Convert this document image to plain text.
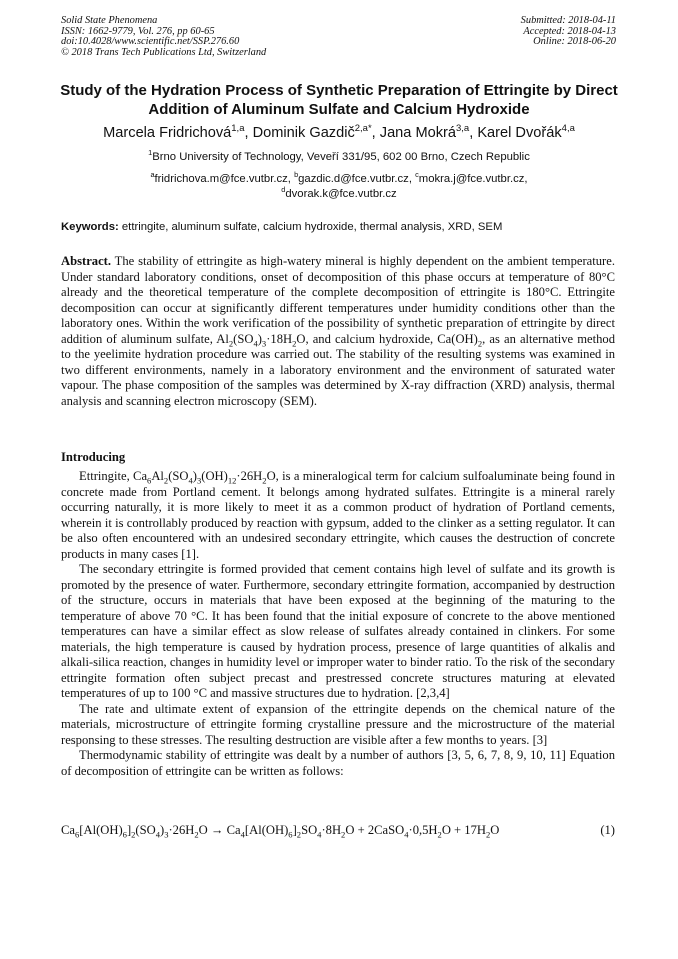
Solid State Phenomena
ISSN: 1662-9779, Vol. 276, pp 60-65
doi:10.4028/www.scientific.net/SSP.276.60
© 2018 Trans Tech Publications Ltd, Switzerland
Submitted: 2018-04-11
Accepted: 2018-04-13
Online: 2018-06-20
Study of the Hydration Process of Synthetic Preparation of Ettringite by Direct Addition of Aluminum Sulfate and Calcium Hydroxide
Marcela Fridrichová$^{1,a}$, Dominik Gazdič$^{2,a*}$, Jana Mokrá$^{3,a}$, Karel Dvořák$^{4,a}$
$^1$Brno University of Technology, Veveří 331/95, 602 00 Brno, Czech Republic
$^a$fridrichova.m@fce.vutbr.cz, $^b$gazdic.d@fce.vutbr.cz, $^c$mokra.j@fce.vutbr.cz,
$^d$dvorak.k@fce.vutbr.cz
Keywords: ettringite, aluminum sulfate, calcium hydroxide, thermal analysis, XRD, SEM
Abstract. The stability of ettringite as high-watery mineral is highly dependent on the ambient temperature. Under standard laboratory conditions, onset of decomposition of this phase occurs at temperature of 80°C already and the theoretical temperature of the complete decomposition of ettringite is 180°C. Ettringite decomposition can occur at significantly different temperatures under humidity conditions other than the laboratory ones. Within the work verification of the possibility of synthetic preparation of ettringite by direct addition of aluminum sulfate, $Al_2(SO_4)_3\cdot 18H_2O$, and calcium hydroxide, $Ca(OH)_2$, as an alternative method to the yeelimite hydration procedure was carried out. The stability of the resulting systems was examined in two different environments, namely in a laboratory environment and the environment of saturated water vapour. The phase composition of the samples was determined by X-ray diffraction (XRD) analysis, thermal analysis and scanning electron microscopy (SEM).
Introducing

Ettringite, $Ca_6Al_2(SO_4)_3(OH)_{12}\cdot 26H_2O$, is a mineralogical term for calcium sulfoaluminate being found in concrete made from Portland cement. It belongs among hydrated sulfates. Ettringite is a mineral rarely occurring naturally, it is more likely to meet it as a common product of hydration of Portland cements, wherein it is controllably produced by reaction with gypsum, added to the clinker as a setting regulator. It can be also often encountered with an undesired secondary ettringite, which causes the destruction of concrete products in many cases [1].

The secondary ettringite is formed provided that cement contains high level of sulfate and its growth is promoted by the presence of water. Furthermore, secondary ettringite formation, accompanied by destruction of the structure, occurs in materials that have been exposed at the beginning of the maturing to the temperature of above 70 °C. It has been found that the initial exposure of concrete to the above mentioned temperatures can have a similar effect as slow release of sulfates already contained in clinkers. For some materials, the high temperature is caused by hydration process, presence of large quantities of alkalis and alkali-silica reaction, changes in humidity level or improper water to binder ratio. To the risk of the secondary ettringite formation often subject precast and prestressed concrete structures maturing at elevated temperatures of up to 100 °C and massive structures due to hydration. [2,3,4]

The rate and ultimate extent of expansion of the ettringite depends on the chemical nature of the materials, microstructure of ettringite forming crystalline pressure and the microstructure of the material responsing to these stresses. The resulting destruction are visible after a few months to years. [3]

Thermodynamic stability of ettringite was dealt by a number of authors [3, 5, 6, 7, 8, 9, 10, 11] Equation of decomposition of ettringite can be written as follows:

$Ca_6[Al(OH)_6]_2(SO_4)_3\cdot 26H_2O \to Ca_4[Al(OH)_6]_2SO_4\cdot 8H_2O$ + $2CaSO_4\cdot 0,5H_2O + 17H_2O$	(1)
